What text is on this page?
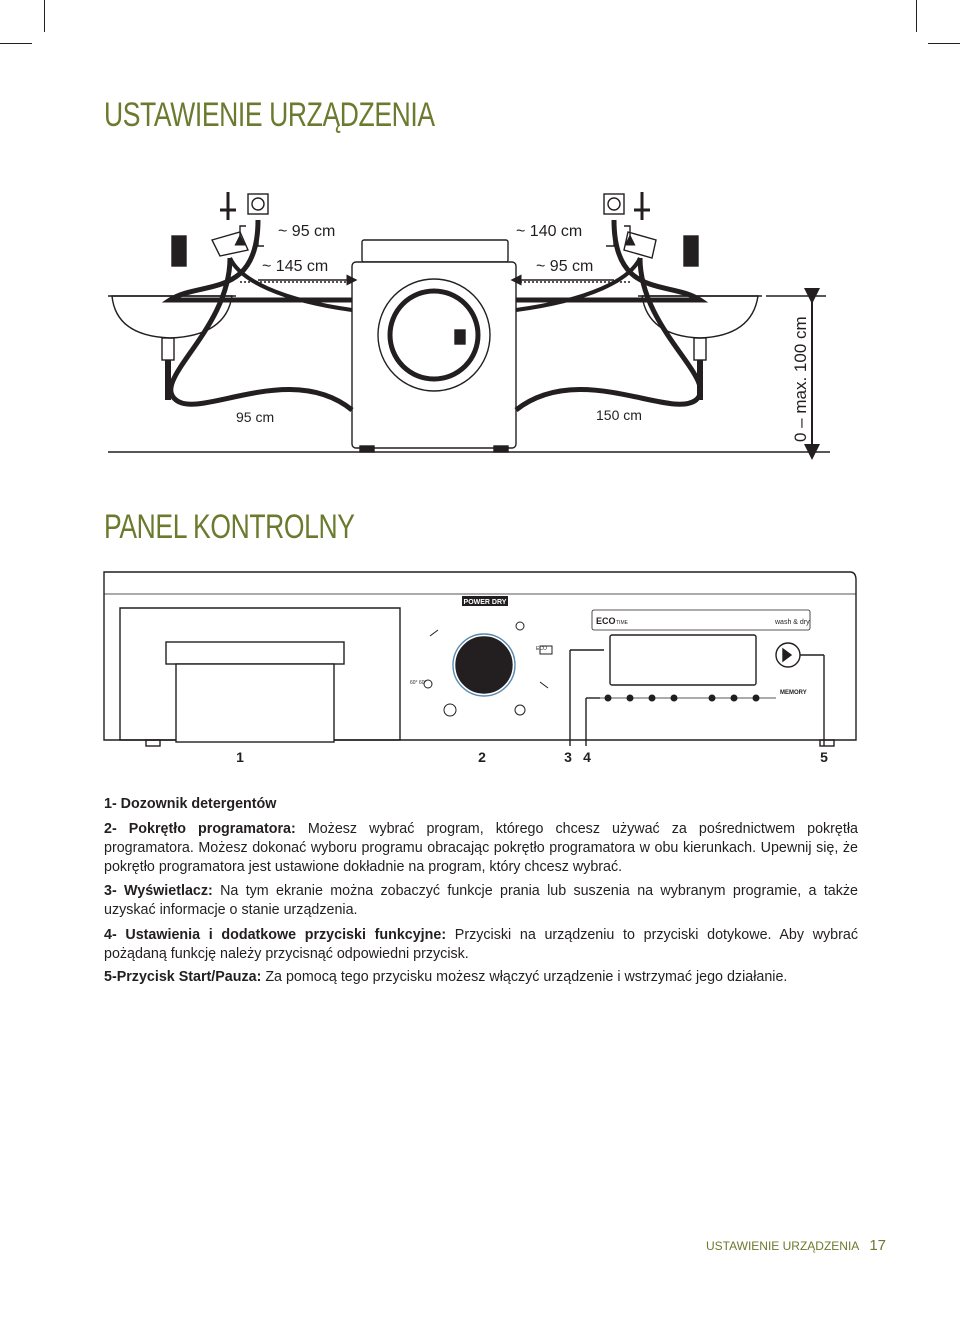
USTAWIENIE URZĄDZENIA
~ 95 cm
~ 145 cm
~ 140 cm
~ 95 cm
95 cm	150 cm	0 – max. 100 cm
PANEL KONTROLNY
POWER DRY
ECO TIME	wash & dry
MEMORY
ECO
60° 60°
1	2	3 4	5

1- Dozownik detergentów

2- Pokrętło programatora: Możesz wybrać program, którego chcesz używać za pośrednictwem pokrętła programatora. Możesz dokonać wyboru programu obracając pokrętło programatora w obu kierunkach. Upewnij się, że pokrętło programatora jest ustawione dokładnie na program, który chcesz wybrać.

3- Wyświetlacz: Na tym ekranie można zobaczyć funkcje prania lub suszenia na wybranym programie, a także uzyskać informacje o stanie urządzenia.

4- Ustawienia i dodatkowe przyciski funkcyjne: Przyciski na urządzeniu to przyciski dotykowe. Aby wybrać pożądaną funkcję należy przycisnąć odpowiedni przycisk.

5-Przycisk Start/Pauza: Za pomocą tego przycisku możesz włączyć urządzenie i wstrzymać jego działanie.

USTAWIENIE URZĄDZENIA 17
